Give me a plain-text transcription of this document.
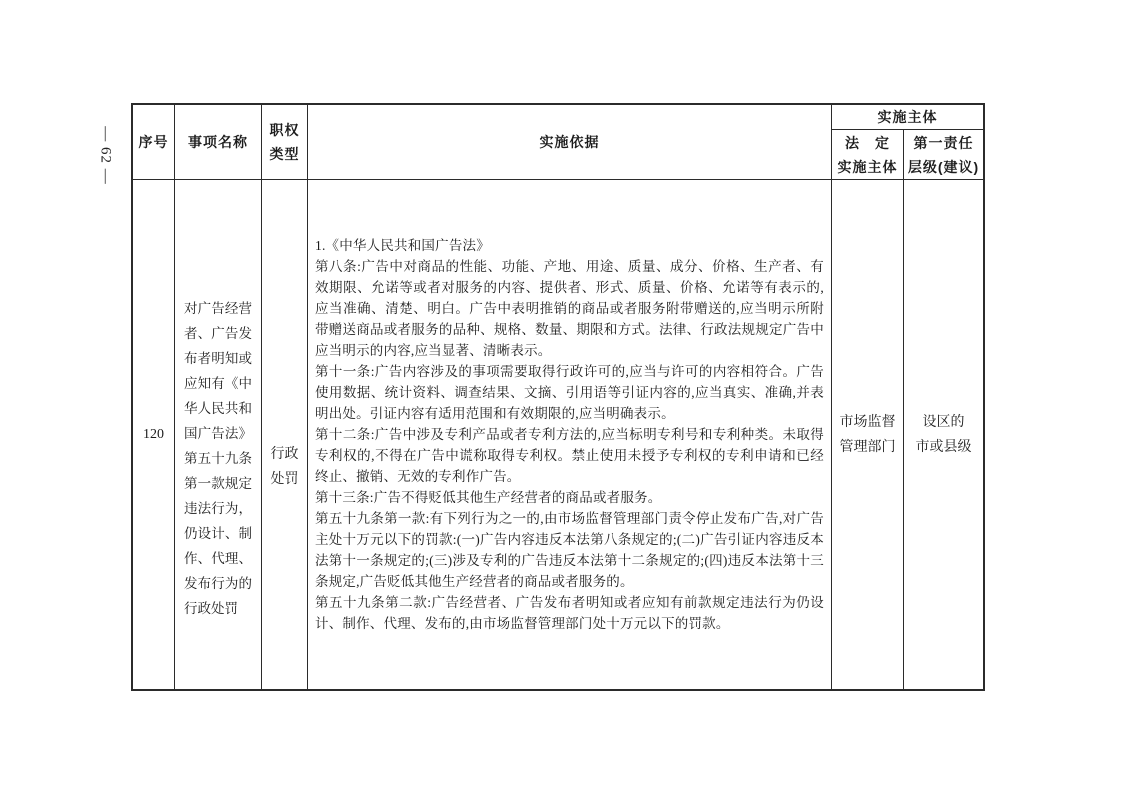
— 62 —	序号	事项名称
职权
类型
实施依据
实施主体
法　定
实施主体
第一责任
层级(建议)
120
对广告经营者、广告发布者明知或应知有《中华人民共和国广告法》第五十九条第一款规定违法行为，仍设计、制作、代理、发布行为的行政处罚
行政处罚

1.《中华人民共和国广告法》

第八条:广告中对商品的性能、功能、产地、用途、质量、成分、价格、生产者、有效期限、允诺等或者对服务的内容、提供者、形式、质量、价格、允诺等有表示的,应当准确、清楚、明白。广告中表明推销的商品或者服务附带赠送的,应当明示所附带赠送商品或者服务的品种、规格、数量、期限和方式。法律、行政法规规定广告中应当明示的内容,应当显著、清晰表示。

第十一条:广告内容涉及的事项需要取得行政许可的,应当与许可的内容相符合。广告使用数据、统计资料、调查结果、文摘、引用语等引证内容的,应当真实、准确,并表明出处。引证内容有适用范围和有效期限的,应当明确表示。

第十二条:广告中涉及专利产品或者专利方法的,应当标明专利号和专利种类。未取得专利权的,不得在广告中谎称取得专利权。禁止使用未授予专利权的专利申请和已经终止、撤销、无效的专利作广告。

第十三条:广告不得贬低其他生产经营者的商品或者服务。

第五十九条第一款:有下列行为之一的,由市场监督管理部门责令停止发布广告,对广告主处十万元以下的罚款:(一)广告内容违反本法第八条规定的;(二)广告引证内容违反本法第十一条规定的;(三)涉及专利的广告违反本法第十二条规定的;(四)违反本法第十三条规定,广告贬低其他生产经营者的商品或者服务的。

第五十九条第二款:广告经营者、广告发布者明知或者应知有前款规定违法行为仍设计、制作、代理、发布的,由市场监督管理部门处十万元以下的罚款。

市场监督管理部门
设区的
市或县级
